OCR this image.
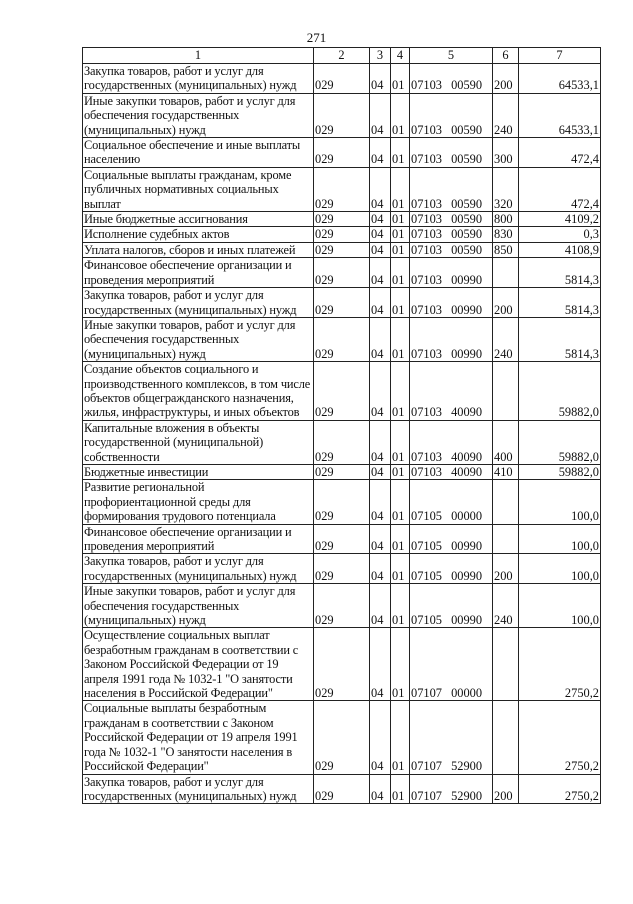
271
1	2	3	4	5	6	7
Закупка товаров, работ и услуг для государственных (муниципальных) нужд	029	04	01	07103 00590	200	64533,1
Иные закупки товаров, работ и услуг для обеспечения государственных (муниципальных) нужд	029	04	01	07103 00590	240	64533,1
Социальное обеспечение и иные выплаты населению	029	04	01	07103 00590	300	472,4
Социальные выплаты гражданам, кроме публичных нормативных социальных выплат	029	04	01	07103 00590	320	472,4
Иные бюджетные ассигнования	029	04	01	07103 00590	800	4109,2
Исполнение судебных актов	029	04	01	07103 00590	830	0,3
Уплата налогов, сборов и иных платежей	029	04	01	07103 00590	850	4108,9
Финансовое обеспечение организации и проведения мероприятий	029	04	01	07103 00990		5814,3
Закупка товаров, работ и услуг для государственных (муниципальных) нужд	029	04	01	07103 00990	200	5814,3
Иные закупки товаров, работ и услуг для обеспечения государственных (муниципальных) нужд	029	04	01	07103 00990	240	5814,3
Создание объектов социального и производственного комплексов, в том числе объектов общегражданского назначения, жилья, инфраструктуры, и иных объектов	029	04	01	07103 40090		59882,0
Капитальные вложения в объекты государственной (муниципальной) собственности	029	04	01	07103 40090	400	59882,0
Бюджетные инвестиции	029	04	01	07103 40090	410	59882,0
Развитие региональной профориентационной среды для формирования трудового потенциала	029	04	01	07105 00000		100,0
Финансовое обеспечение организации и проведения мероприятий	029	04	01	07105 00990		100,0
Закупка товаров, работ и услуг для государственных (муниципальных) нужд	029	04	01	07105 00990	200	100,0
Иные закупки товаров, работ и услуг для обеспечения государственных (муниципальных) нужд	029	04	01	07105 00990	240	100,0
Осуществление социальных выплат безработным гражданам в соответствии с Законом Российской Федерации от 19 апреля 1991 года № 1032-1 "О занятости населения в Российской Федерации"	029	04	01	07107 00000		2750,2
Социальные выплаты безработным гражданам в соответствии с Законом Российской Федерации от 19 апреля 1991 года № 1032-1 "О занятости населения в Российской Федерации"	029	04	01	07107 52900		2750,2
Закупка товаров, работ и услуг для государственных (муниципальных) нужд	029	04	01	07107 52900	200	2750,2
